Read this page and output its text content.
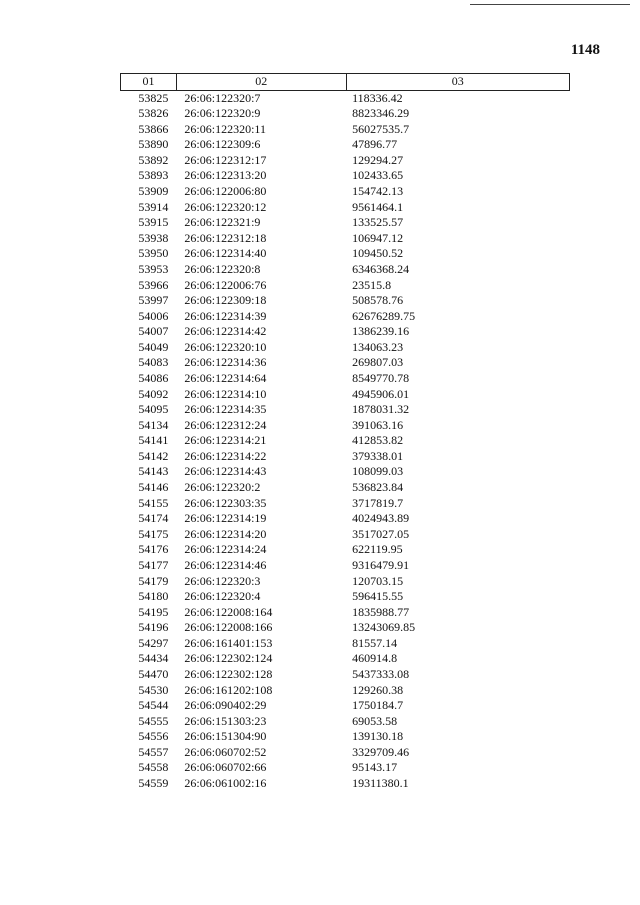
1148
01	02	03
53825	26:06:122320:7	118336.42
53826	26:06:122320:9	8823346.29
53866	26:06:122320:11	56027535.7
53890	26:06:122309:6	47896.77
53892	26:06:122312:17	129294.27
53893	26:06:122313:20	102433.65
53909	26:06:122006:80	154742.13
53914	26:06:122320:12	9561464.1
53915	26:06:122321:9	133525.57
53938	26:06:122312:18	106947.12
53950	26:06:122314:40	109450.52
53953	26:06:122320:8	6346368.24
53966	26:06:122006:76	23515.8
53997	26:06:122309:18	508578.76
54006	26:06:122314:39	62676289.75
54007	26:06:122314:42	1386239.16
54049	26:06:122320:10	134063.23
54083	26:06:122314:36	269807.03
54086	26:06:122314:64	8549770.78
54092	26:06:122314:10	4945906.01
54095	26:06:122314:35	1878031.32
54134	26:06:122312:24	391063.16
54141	26:06:122314:21	412853.82
54142	26:06:122314:22	379338.01
54143	26:06:122314:43	108099.03
54146	26:06:122320:2	536823.84
54155	26:06:122303:35	3717819.7
54174	26:06:122314:19	4024943.89
54175	26:06:122314:20	3517027.05
54176	26:06:122314:24	622119.95
54177	26:06:122314:46	9316479.91
54179	26:06:122320:3	120703.15
54180	26:06:122320:4	596415.55
54195	26:06:122008:164	1835988.77
54196	26:06:122008:166	13243069.85
54297	26:06:161401:153	81557.14
54434	26:06:122302:124	460914.8
54470	26:06:122302:128	5437333.08
54530	26:06:161202:108	129260.38
54544	26:06:090402:29	1750184.7
54555	26:06:151303:23	69053.58
54556	26:06:151304:90	139130.18
54557	26:06:060702:52	3329709.46
54558	26:06:060702:66	95143.17
54559	26:06:061002:16	19311380.1
